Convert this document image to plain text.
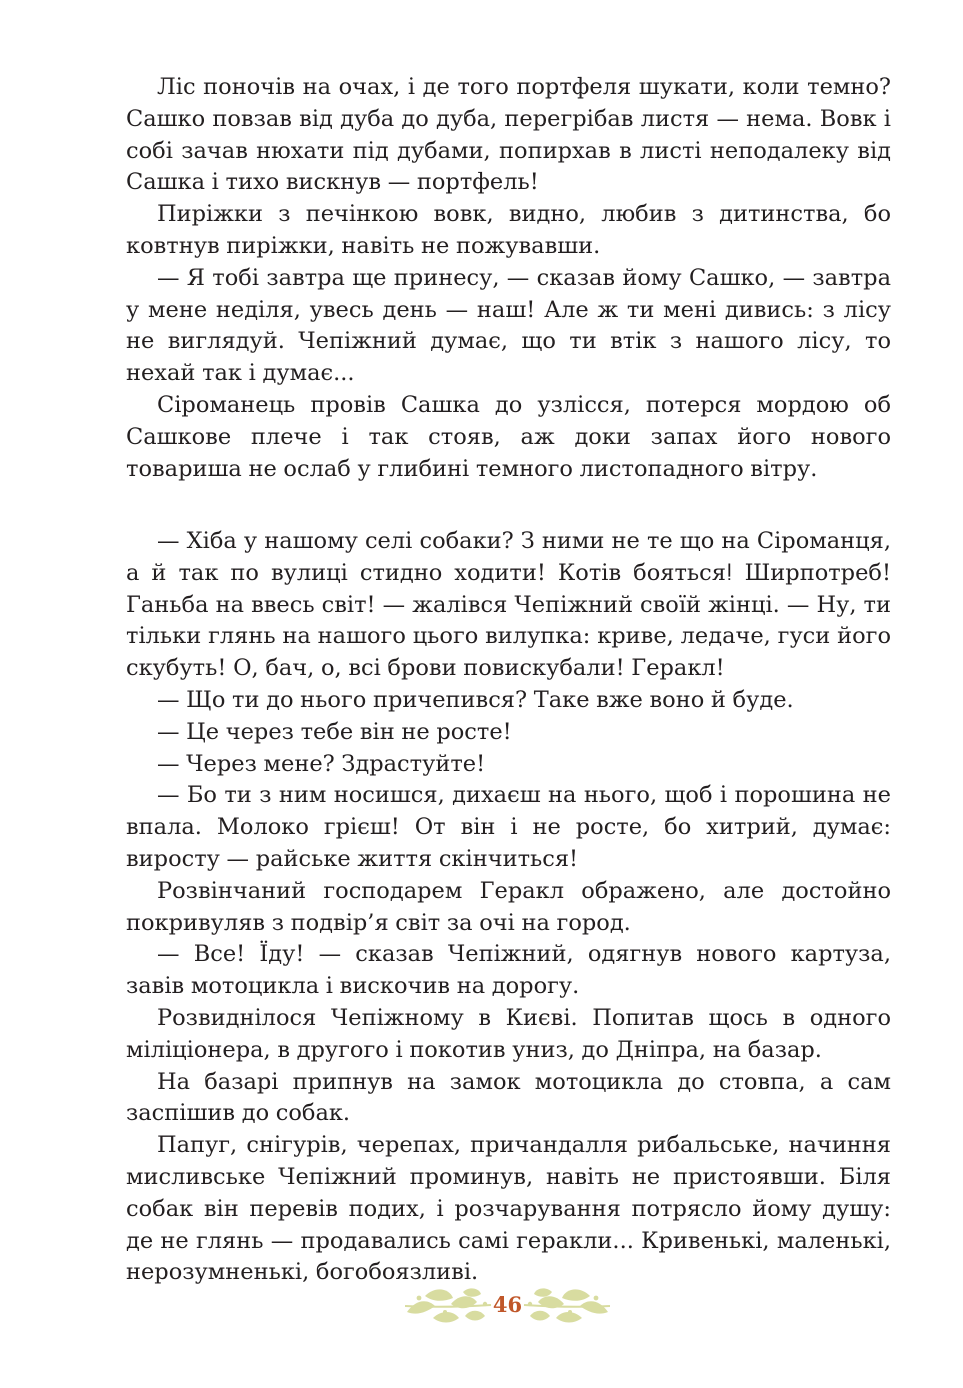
Ліс поночів на очах, і де того портфеля шукати, коли темно? Сашко повзав від дуба до дуба, перегрібав листя — нема. Вовк і собі зачав нюхати під дубами, попирхав в листі неподалеку від Сашка і тихо вискнув — портфель!

Пиріжки з печінкою вовк, видно, любив з дитинства, бо ковтнув пиріжки, навіть не пожувавши.

— Я тобі завтра ще принесу, — сказав йому Сашко, — завтра у мене неділя, увесь день — наш! Але ж ти мені дивись: з лісу не виглядуй. Чепіжний думає, що ти втік з нашого лісу, то нехай так і думає...

Сіроманець провів Сашка до узлісся, потерся мордою об Сашкове плече і так стояв, аж доки запах його нового товариша не ослаб у глибині темного листопадного вітру.

— Хіба у нашому селі собаки? З ними не те що на Сіроманця, а й так по вулиці стидно ходити! Котів боятьсяǃ Ширпотреб! Ганьба на ввесь світ! — жалівся Чепіжний своїй жінці. — Ну, ти тільки глянь на нашого цього вилупка: криве, ледаче, гуси його скубуть! О, бач, о, всі брови повискубали! Геракл!

— Що ти до нього причепився? Таке вже воно й буде.

— Це через тебе він не росте!

— Через мене? Здрастуйте!

— Бо ти з ним носишся, дихаєш на нього, щоб і порошина не впала. Молоко грієш! От він і не росте, бо хитрий, думає: виросту — райське життя скінчиться!

Розвінчаний господарем Геракл ображено, але достойно покривуляв з подвір’я світ за очі на город.

— Все! Їду! — сказав Чепіжний, одягнув нового картуза, завів мотоцикла і вискочив на дорогу.

Розвиднілося Чепіжному в Києві. Попитав щось в одного міліціонера, в другого і покотив униз, до Дніпра, на базар.

На базарі припнув на замок мотоцикла до стовпа, а сам заспішив до собак.

Папуг, снігурів, черепах, причандалля рибальське, начиння мисливське Чепіжний проминув, навіть не пристоявши. Біля собак він перевів подих, і розчарування потрясло йому душу: де не глянь — продавались самі геракли... Кривенькі, маленькі, нерозумненькі, богобоязливі.

46
